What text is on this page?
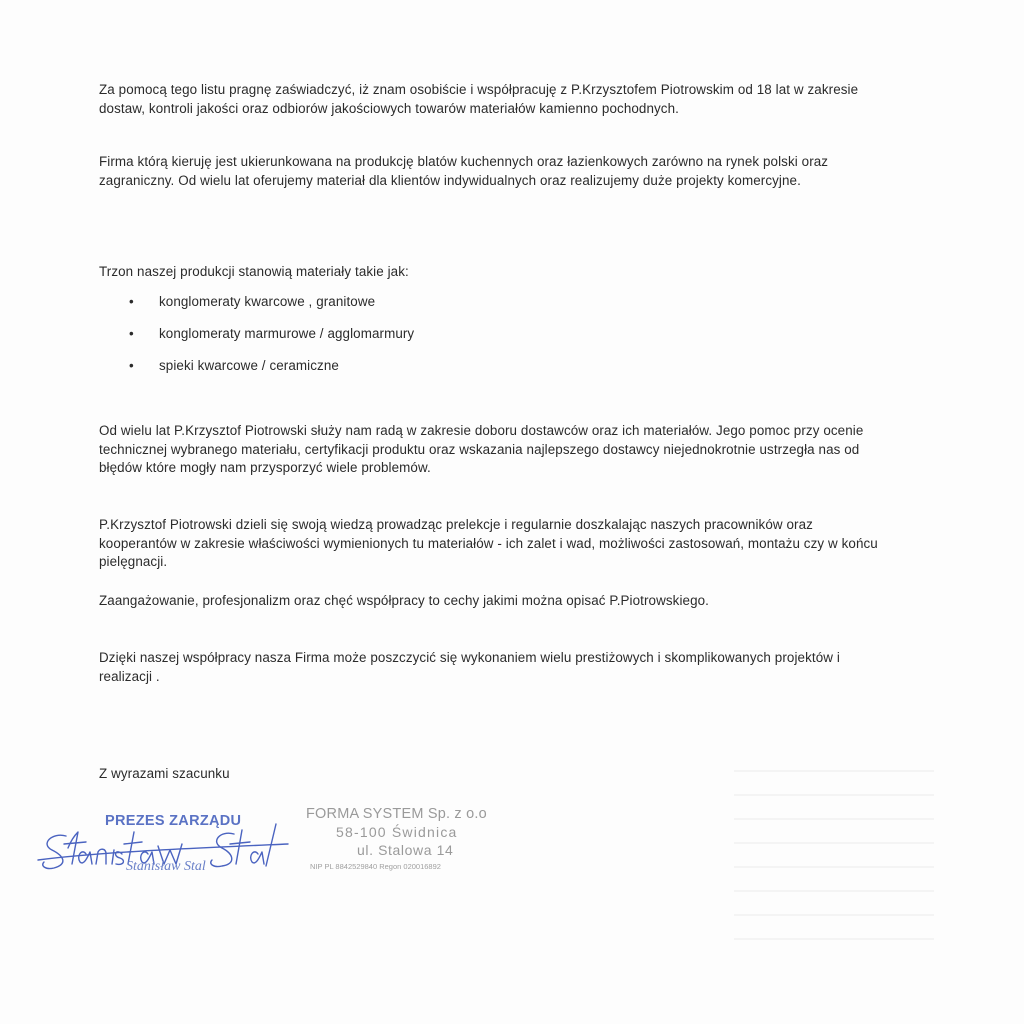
Za pomocą tego listu pragnę zaświadczyć, iż znam osobiście i współpracuję z P.Krzysztofem Piotrowskim od 18 lat w zakresie dostaw, kontroli jakości oraz odbiorów jakościowych towarów materiałów kamienno pochodnych.

Firma którą kieruję jest ukierunkowana na produkcję blatów kuchennych oraz łazienkowych zarówno na rynek polski oraz zagraniczny. Od wielu lat oferujemy materiał dla klientów indywidualnych oraz realizujemy duże projekty komercyjne.

Trzon naszej produkcji stanowią materiały takie jak:

• konglomeraty kwarcowe , granitowe
• konglomeraty marmurowe / agglomarmury
• spieki kwarcowe / ceramiczne

Od wielu lat P.Krzysztof Piotrowski służy nam radą w zakresie doboru dostawców oraz ich materiałów. Jego pomoc przy ocenie technicznej wybranego materiału, certyfikacji produktu oraz wskazania najlepszego dostawcy niejednokrotnie ustrzegła nas od błędów które mogły nam przysporzyć wiele problemów.

P.Krzysztof Piotrowski dzieli się swoją wiedzą prowadząc prelekcje i regularnie doszkalając naszych pracowników oraz kooperantów w zakresie właściwości wymienionych tu materiałów - ich zalet i wad, możliwości zastosowań, montażu czy w końcu pielęgnacji.

Zaangażowanie, profesjonalizm oraz chęć współpracy to cechy jakimi można opisać P.Piotrowskiego.

Dzięki naszej współpracy nasza Firma może poszczycić się wykonaniem wielu prestiżowych i skomplikowanych projektów i realizacji .

Z wyrazami szacunku

PREZES ZARZĄDU
Stanisław Stal
FORMA SYSTEM Sp. z o.o
58-100 Świdnica
ul. Stalowa 14
NIP PL 8842529840 Regon 020016892
